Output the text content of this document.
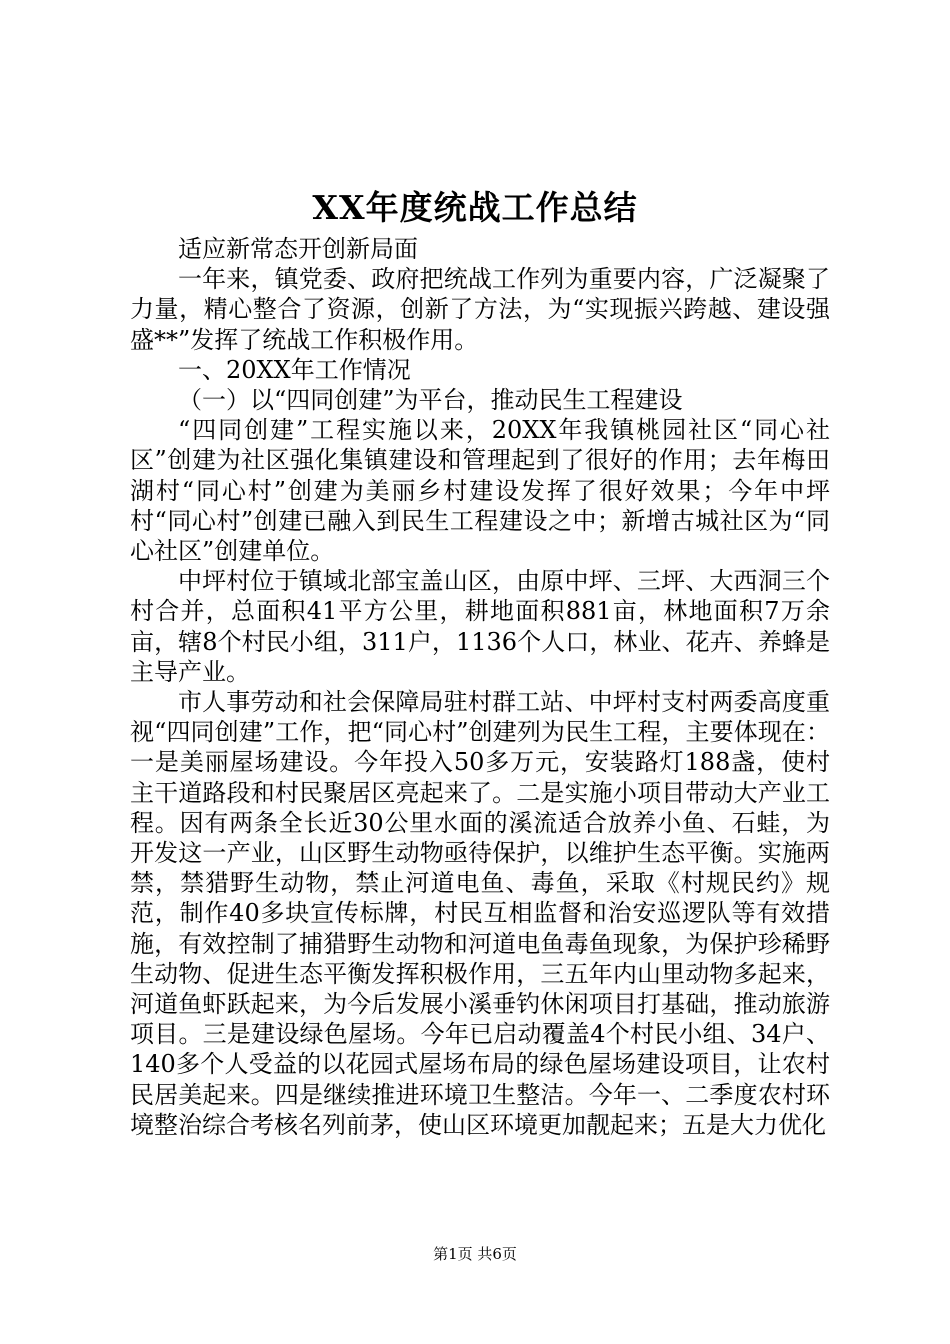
XX年度统战工作总结

适应新常态开创新局面

一年来，镇党委、政府把统战工作列为重要内容，广泛凝聚了力量，精心整合了资源，创新了方法，为“实现振兴跨越、建设强盛**”发挥了统战工作积极作用。

一、20XX年工作情况

（一）以“四同创建”为平台，推动民生工程建设

“四同创建”工程实施以来，20XX年我镇桃园社区“同心社区”创建为社区强化集镇建设和管理起到了很好的作用；去年梅田湖村“同心村”创建为美丽乡村建设发挥了很好效果；今年中坪村“同心村”创建已融入到民生工程建设之中；新增古城社区为“同心社区”创建单位。

中坪村位于镇域北部宝盖山区，由原中坪、三坪、大西洞三个村合并，总面积41平方公里，耕地面积881亩，林地面积7万余亩，辖8个村民小组，311户，1136个人口，林业、花卉、养蜂是主导产业。

市人事劳动和社会保障局驻村群工站、中坪村支村两委高度重视“四同创建”工作，把“同心村”创建列为民生工程，主要体现在：一是美丽屋场建设。今年投入50多万元，安装路灯188盏，使村主干道路段和村民聚居区亮起来了。二是实施小项目带动大产业工程。因有两条全长近30公里水面的溪流适合放养小鱼、石蛙，为开发这一产业，山区野生动物亟待保护，以维护生态平衡。实施两禁，禁猎野生动物，禁止河道电鱼、毒鱼，采取《村规民约》规范，制作40多块宣传标牌，村民互相监督和治安巡逻队等有效措施，有效控制了捕猎野生动物和河道电鱼毒鱼现象，为保护珍稀野生动物、促进生态平衡发挥积极作用，三五年内山里动物多起来，河道鱼虾跃起来，为今后发展小溪垂钓休闲项目打基础，推动旅游项目。三是建设绿色屋场。今年已启动覆盖4个村民小组、34户、140多个人受益的以花园式屋场布局的绿色屋场建设项目，让农村民居美起来。四是继续推进环境卫生整洁。今年一、二季度农村环境整治综合考核名列前茅，使山区环境更加靓起来；五是大力优化

第1页 共6页
